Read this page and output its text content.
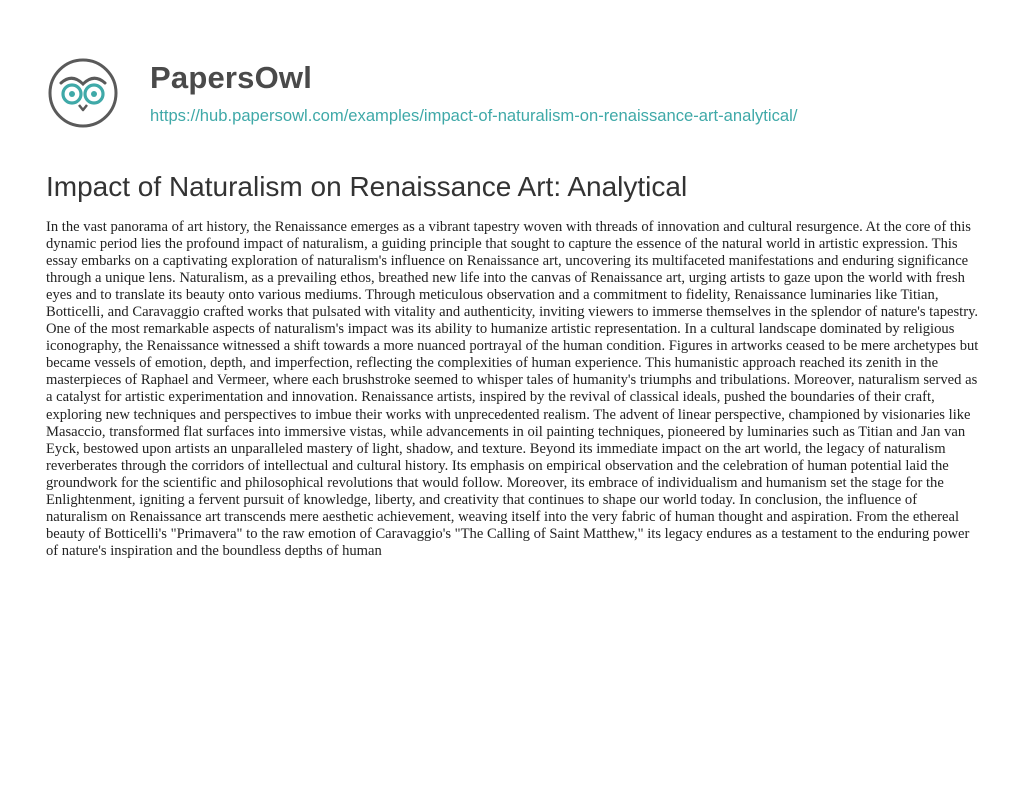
PapersOwl
https://hub.papersowl.com/examples/impact-of-naturalism-on-renaissance-art-analytical/
Impact of Naturalism on Renaissance Art: Analytical

In the vast panorama of art history, the Renaissance emerges as a vibrant tapestry woven with threads of innovation and cultural resurgence. At the core of this dynamic period lies the profound impact of naturalism, a guiding principle that sought to capture the essence of the natural world in artistic expression. This essay embarks on a captivating exploration of naturalism's influence on Renaissance art, uncovering its multifaceted manifestations and enduring significance through a unique lens. Naturalism, as a prevailing ethos, breathed new life into the canvas of Renaissance art, urging artists to gaze upon the world with fresh eyes and to translate its beauty onto various mediums. Through meticulous observation and a commitment to fidelity, Renaissance luminaries like Titian, Botticelli, and Caravaggio crafted works that pulsated with vitality and authenticity, inviting viewers to immerse themselves in the splendor of nature's tapestry. One of the most remarkable aspects of naturalism's impact was its ability to humanize artistic representation. In a cultural landscape dominated by religious iconography, the Renaissance witnessed a shift towards a more nuanced portrayal of the human condition. Figures in artworks ceased to be mere archetypes but became vessels of emotion, depth, and imperfection, reflecting the complexities of human experience. This humanistic approach reached its zenith in the masterpieces of Raphael and Vermeer, where each brushstroke seemed to whisper tales of humanity's triumphs and tribulations. Moreover, naturalism served as a catalyst for artistic experimentation and innovation. Renaissance artists, inspired by the revival of classical ideals, pushed the boundaries of their craft, exploring new techniques and perspectives to imbue their works with unprecedented realism. The advent of linear perspective, championed by visionaries like Masaccio, transformed flat surfaces into immersive vistas, while advancements in oil painting techniques, pioneered by luminaries such as Titian and Jan van Eyck, bestowed upon artists an unparalleled mastery of light, shadow, and texture. Beyond its immediate impact on the art world, the legacy of naturalism reverberates through the corridors of intellectual and cultural history. Its emphasis on empirical observation and the celebration of human potential laid the groundwork for the scientific and philosophical revolutions that would follow. Moreover, its embrace of individualism and humanism set the stage for the Enlightenment, igniting a fervent pursuit of knowledge, liberty, and creativity that continues to shape our world today. In conclusion, the influence of naturalism on Renaissance art transcends mere aesthetic achievement, weaving itself into the very fabric of human thought and aspiration. From the ethereal beauty of Botticelli's "Primavera" to the raw emotion of Caravaggio's "The Calling of Saint Matthew," its legacy endures as a testament to the enduring power of nature's inspiration and the boundless depths of human
